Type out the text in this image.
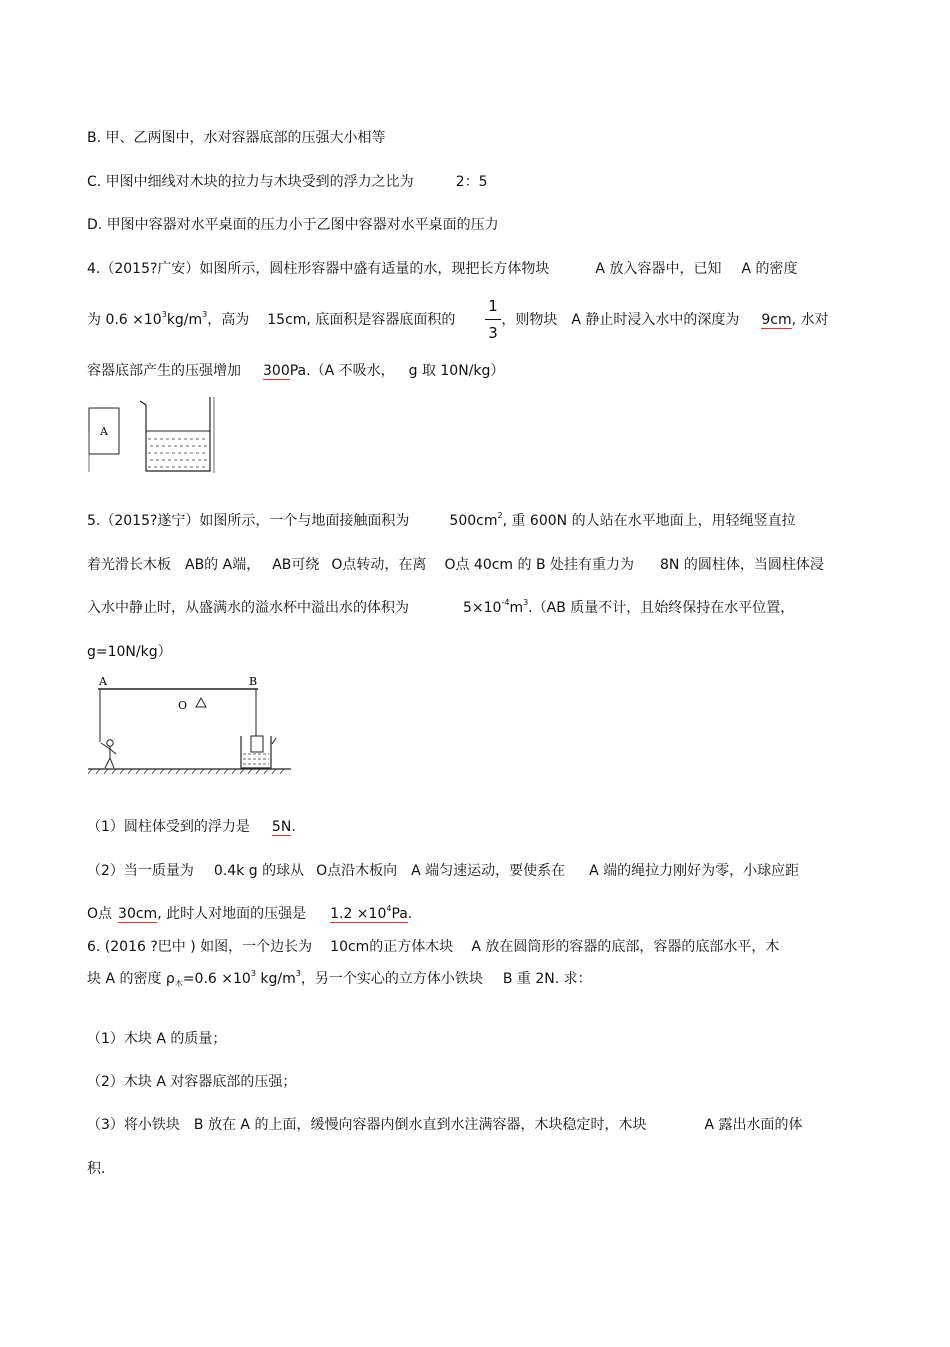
B. 甲、乙两图中，水对容器底部的压强大小相等
C. 甲图中细线对木块的拉力与木块受到的浮力之比为	2：5
D. 甲图中容器对水平桌面的压力小于乙图中容器对水平桌面的压力
4.（2015?广安）如图所示，圆柱形容器中盛有适量的水，现把长方体物块	A 放入容器中，已知 A 的密度
为 $0.6 \times 10^3kg/m^3$，高为 15cm, 底面积是容器底面积的	，则物块 A 静止时浸入水中的深度为 9cm, 水对
1
3
容器底部产生的压强增加 300Pa.（A 不吸水， g 取 10N/kg）
A
5.（2015?遂宁）如图所示，一个与地面接触面积为	$500cm^2$, 重 600N 的人站在水平地面上，用轻绳竖直拉
着光滑长木板 AB的 A端， AB可绕 O点转动，在离 O点 40cm 的 B 处挂有重力为 8N 的圆柱体，当圆柱体浸
入水中静止时，从盛满水的溢水杯中溢出水的体积为	$5\times 10^{-4}m^3.(AB$ 质量不计，且始终保持在水平位置，
g=10N/kg）
A	B
O
（1）圆柱体受到的浮力是 5N.
（2）当一质量为 0.4k g 的球从 O点沿木板向 A 端匀速运动，要使系在 A 端的绳拉力刚好为零，小球应距
O点 30cm, 此时人对地面的压强是 $1.2 \times 10^4Pa$.
6. (2016 ?巴中 ) 如图，一个边长为 10cm的正方体木块 A 放在圆筒形的容器的底部，容器的底部水平，木
块 A 的密度 $\rho_木=0.6 \times 10^3$ $kg/m^3$，另一个实心的立方体小铁块 B 重 2N. 求：
（1）木块 A 的质量；
（2）木块 A 对容器底部的压强；
（3）将小铁块 B 放在 A 的上面，缓慢向容器内倒水直到水注满容器，木块稳定时，木块	A 露出水面的体
积.
